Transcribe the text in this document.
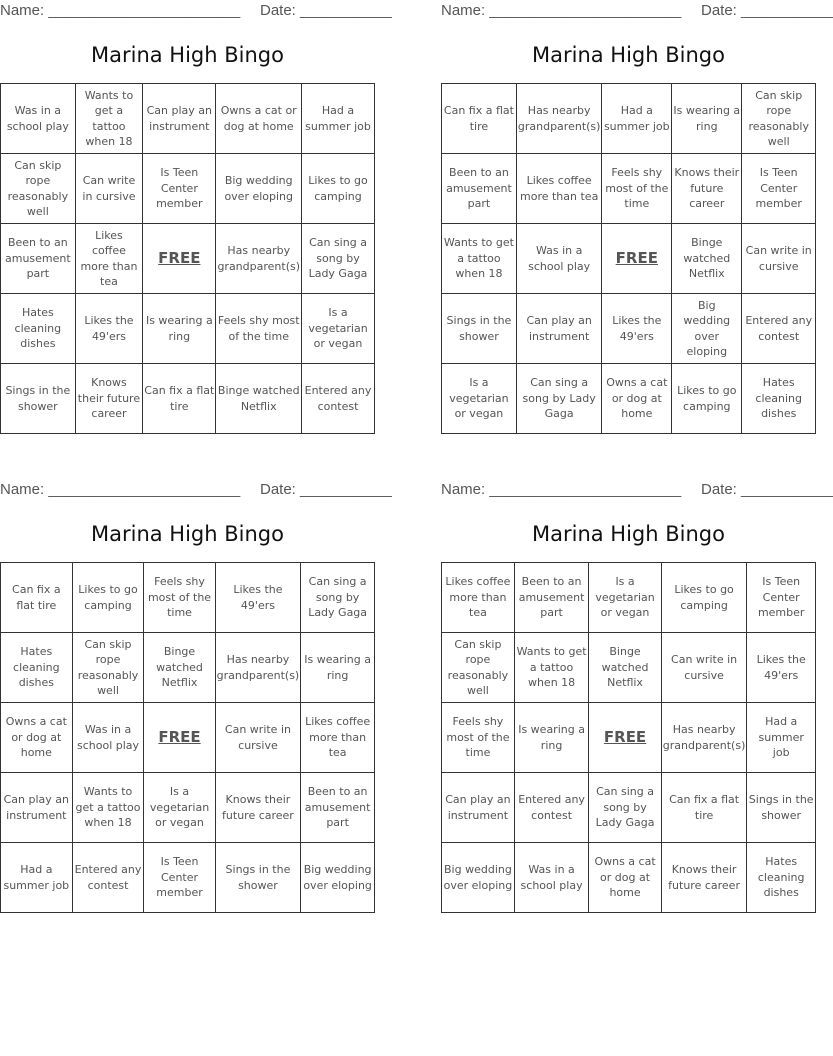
Name: _______________________ Date: ___________
Marina High Bingo
Was in a school play	Wants to get a tattoo when 18	Can play an instrument	Owns a cat or dog at home	Had a summer job
Can skip rope reasonably well	Can write in cursive	Is Teen Center member	Big wedding over eloping	Likes to go camping
Been to an amusement part	Likes coffee more than tea	FREE	Has nearby grandparent(s)	Can sing a song by Lady Gaga
Hates cleaning dishes	Likes the 49'ers	Is wearing a ring	Feels shy most of the time	Is a vegetarian or vegan
Sings in the shower	Knows their future career	Can fix a flat tire	Binge watched Netflix	Entered any contest
Name: _______________________ Date: ___________
Marina High Bingo
Can fix a flat tire	Has nearby grandparent(s)	Had a summer job	Is wearing a ring	Can skip rope reasonably well
Been to an amusement part	Likes coffee more than tea	Feels shy most of the time	Knows their future career	Is Teen Center member
Wants to get a tattoo when 18	Was in a school play	FREE	Binge watched Netflix	Can write in cursive
Sings in the shower	Can play an instrument	Likes the 49'ers	Big wedding over eloping	Entered any contest
Is a vegetarian or vegan	Can sing a song by Lady Gaga	Owns a cat or dog at home	Likes to go camping	Hates cleaning dishes
Name: _______________________ Date: ___________
Marina High Bingo
Can fix a flat tire	Likes to go camping	Feels shy most of the time	Likes the 49'ers	Can sing a song by Lady Gaga
Hates cleaning dishes	Can skip rope reasonably well	Binge watched Netflix	Has nearby grandparent(s)	Is wearing a ring
Owns a cat or dog at home	Was in a school play	FREE	Can write in cursive	Likes coffee more than tea
Can play an instrument	Wants to get a tattoo when 18	Is a vegetarian or vegan	Knows their future career	Been to an amusement part
Had a summer job	Entered any contest	Is Teen Center member	Sings in the shower	Big wedding over eloping
Name: _______________________ Date: ___________
Marina High Bingo
Likes coffee more than tea	Been to an amusement part	Is a vegetarian or vegan	Likes to go camping	Is Teen Center member
Can skip rope reasonably well	Wants to get a tattoo when 18	Binge watched Netflix	Can write in cursive	Likes the 49'ers
Feels shy most of the time	Is wearing a ring	FREE	Has nearby grandparent(s)	Had a summer job
Can play an instrument	Entered any contest	Can sing a song by Lady Gaga	Can fix a flat tire	Sings in the shower
Big wedding over eloping	Was in a school play	Owns a cat or dog at home	Knows their future career	Hates cleaning dishes
